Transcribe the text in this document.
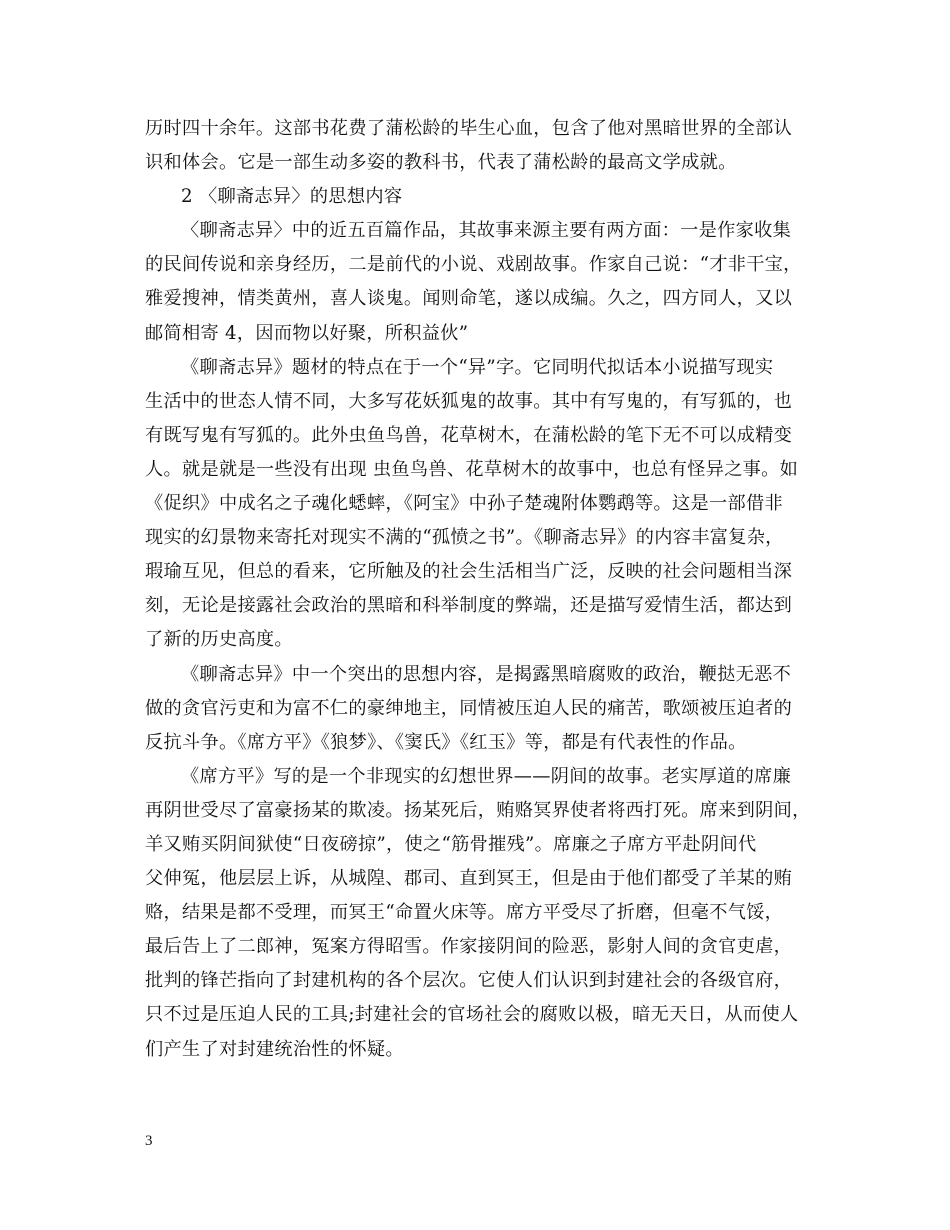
历时四十余年。这部书花费了蒲松龄的毕生心血，包含了他对黑暗世界的全部认
识和体会。它是一部生动多姿的教科书，代表了蒲松龄的最高文学成就。
2 〈聊斋志异〉的思想内容
〈聊斋志异〉中的近五百篇作品，其故事来源主要有两方面：一是作家收集
的民间传说和亲身经历，二是前代的小说、戏剧故事。作家自己说：“才非干宝，
雅爱搜神，情类黄州，喜人谈鬼。闻则命笔，遂以成编。久之，四方同人，又以
邮简相寄 4，因而物以好聚，所积益伙”
《聊斋志异》题材的特点在于一个“异”字。它同明代拟话本小说描写现实
生活中的世态人情不同，大多写花妖狐鬼的故事。其中有写鬼的，有写狐的，也
有既写鬼有写狐的。此外虫鱼鸟兽，花草树木，在蒲松龄的笔下无不可以成精变
人。就是就是一些没有出现 虫鱼鸟兽、花草树木的故事中，也总有怪异之事。如
《促织》中成名之子魂化蟋蟀，《阿宝》中孙子楚魂附体鹦鹉等。这是一部借非
现实的幻景物来寄托对现实不满的“孤愤之书”。《聊斋志异》的内容丰富复杂，
瑕瑜互见，但总的看来，它所触及的社会生活相当广泛，反映的社会问题相当深
刻，无论是接露社会政治的黑暗和科举制度的弊端，还是描写爱情生活，都达到
了新的历史高度。
《聊斋志异》中一个突出的思想内容，是揭露黑暗腐败的政治，鞭挞无恶不
做的贪官污吏和为富不仁的豪绅地主，同情被压迫人民的痛苦，歌颂被压迫者的
反抗斗争。《席方平》《狼梦》、《窦氏》《红玉》等，都是有代表性的作品。
《席方平》写的是一个非现实的幻想世界——阴间的故事。老实厚道的席廉
再阴世受尽了富豪扬某的欺凌。扬某死后，贿赂冥界使者将西打死。席来到阴间，
羊又贿买阴间狱使“日夜磅掠”，使之“筋骨摧残”。席廉之子席方平赴阴间代
父伸冤，他层层上诉，从城隍、郡司、直到冥王，但是由于他们都受了羊某的贿
赂，结果是都不受理，而冥王“命置火床等。席方平受尽了折磨，但毫不气馁，
最后告上了二郎神，冤案方得昭雪。作家接阴间的险恶，影射人间的贪官吏虐，
批判的锋芒指向了封建机构的各个层次。它使人们认识到封建社会的各级官府，
只不过是压迫人民的工具;封建社会的官场社会的腐败以极，暗无天日，从而使人
们产生了对封建统治性的怀疑。
3
